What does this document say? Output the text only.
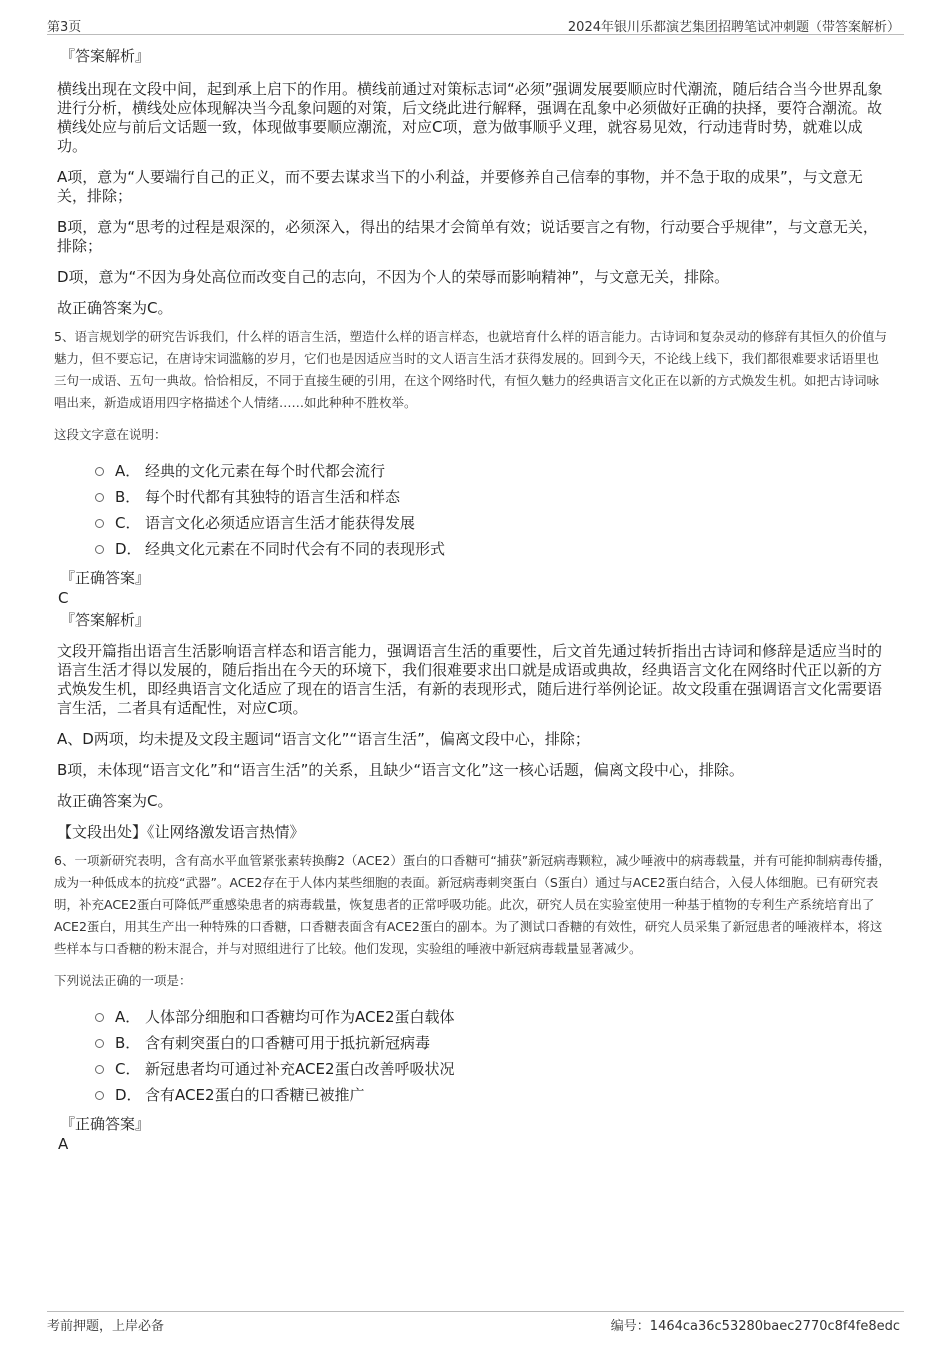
第3页	2024年银川乐都演艺集团招聘笔试冲刺题（带答案解析）
『答案解析』

横线出现在文段中间，起到承上启下的作用。横线前通过对策标志词“必须”强调发展要顺应时代潮流，随后结合当今世界乱象进行分析，横线处应体现解决当今乱象问题的对策，后文绕此进行解释，强调在乱象中必须做好正确的抉择，要符合潮流。故横线处应与前后文话题一致，体现做事要顺应潮流，对应C项，意为做事顺乎义理，就容易见效，行动违背时势，就难以成功。

A项，意为“人要端行自己的正义，而不要去谋求当下的小利益，并要修养自己信奉的事物，并不急于取的成果”，与文意无关，排除；

B项，意为“思考的过程是艰深的，必须深入，得出的结果才会简单有效；说话要言之有物，行动要合乎规律”，与文意无关，排除；

D项，意为“不因为身处高位而改变自己的志向，不因为个人的荣辱而影响精神”，与文意无关，排除。

故正确答案为C。

5、语言规划学的研究告诉我们，什么样的语言生活，塑造什么样的语言样态，也就培育什么样的语言能力。古诗词和复杂灵动的修辞有其恒久的价值与魅力，但不要忘记，在唐诗宋词滥觞的岁月，它们也是因适应当时的文人语言生活才获得发展的。回到今天，不论线上线下，我们都很难要求话语里也三句一成语、五句一典故。恰恰相反，不同于直接生硬的引用，在这个网络时代，有恒久魅力的经典语言文化正在以新的方式焕发生机。如把古诗词咏唱出来，新造成语用四字格描述个人情绪……如此种种不胜枚举。

这段文字意在说明：

A． 经典的文化元素在每个时代都会流行
B． 每个时代都有其独特的语言生活和样态
C． 语言文化必须适应语言生活才能获得发展
D． 经典文化元素在不同时代会有不同的表现形式
『正确答案』
C
『答案解析』

文段开篇指出语言生活影响语言样态和语言能力，强调语言生活的重要性，后文首先通过转折指出古诗词和修辞是适应当时的语言生活才得以发展的，随后指出在今天的环境下，我们很难要求出口就是成语或典故，经典语言文化在网络时代正以新的方式焕发生机，即经典语言文化适应了现在的语言生活，有新的表现形式，随后进行举例论证。故文段重在强调语言文化需要语言生活，二者具有适配性，对应C项。

A、D两项，均未提及文段主题词“语言文化”“语言生活”，偏离文段中心，排除；

B项，未体现“语言文化”和“语言生活”的关系，且缺少“语言文化”这一核心话题，偏离文段中心，排除。

故正确答案为C。

【文段出处】《让网络激发语言热情》

6、一项新研究表明，含有高水平血管紧张素转换酶2（ACE2）蛋白的口香糖可“捕获”新冠病毒颗粒，减少唾液中的病毒载量，并有可能抑制病毒传播，成为一种低成本的抗疫“武器”。ACE2存在于人体内某些细胞的表面。新冠病毒刺突蛋白（S蛋白）通过与ACE2蛋白结合，入侵人体细胞。已有研究表明，补充ACE2蛋白可降低严重感染患者的病毒载量，恢复患者的正常呼吸功能。此次，研究人员在实验室使用一种基于植物的专利生产系统培育出了ACE2蛋白，用其生产出一种特殊的口香糖，口香糖表面含有ACE2蛋白的副本。为了测试口香糖的有效性，研究人员采集了新冠患者的唾液样本，将这些样本与口香糖的粉末混合，并与对照组进行了比较。他们发现，实验组的唾液中新冠病毒载量显著减少。

下列说法正确的一项是：

A． 人体部分细胞和口香糖均可作为ACE2蛋白载体
B． 含有刺突蛋白的口香糖可用于抵抗新冠病毒
C． 新冠患者均可通过补充ACE2蛋白改善呼吸状况
D． 含有ACE2蛋白的口香糖已被推广
『正确答案』
A
考前押题，上岸必备	编号：1464ca36c53280baec2770c8f4fe8edc
